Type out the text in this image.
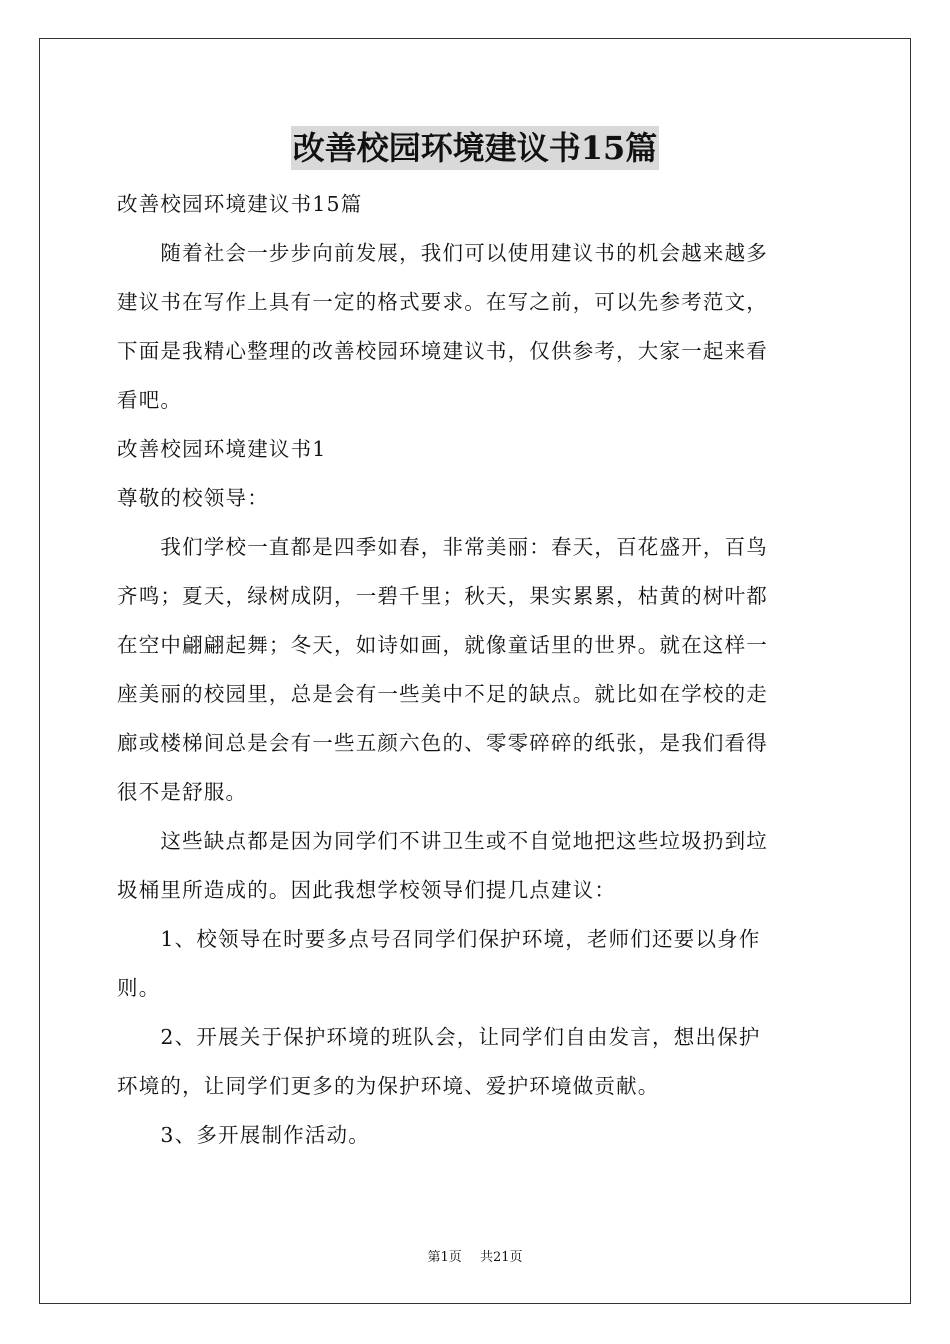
改善校园环境建议书15篇
改善校园环境建议书15篇
　　随着社会一步步向前发展，我们可以使用建议书的机会越来越多
建议书在写作上具有一定的格式要求。在写之前，可以先参考范文，
下面是我精心整理的改善校园环境建议书，仅供参考，大家一起来看
看吧。
改善校园环境建议书1
尊敬的校领导：
　　我们学校一直都是四季如春，非常美丽：春天，百花盛开，百鸟
齐鸣；夏天，绿树成阴，一碧千里；秋天，果实累累，枯黄的树叶都
在空中翩翩起舞；冬天，如诗如画，就像童话里的世界。就在这样一
座美丽的校园里，总是会有一些美中不足的缺点。就比如在学校的走
廊或楼梯间总是会有一些五颜六色的、零零碎碎的纸张，是我们看得
很不是舒服。
　　这些缺点都是因为同学们不讲卫生或不自觉地把这些垃圾扔到垃
圾桶里所造成的。因此我想学校领导们提几点建议：
　　1、校领导在时要多点号召同学们保护环境，老师们还要以身作
则。
　　2、开展关于保护环境的班队会，让同学们自由发言，想出保护
环境的，让同学们更多的为保护环境、爱护环境做贡献。
　　3、多开展制作活动。
第1页 共21页
